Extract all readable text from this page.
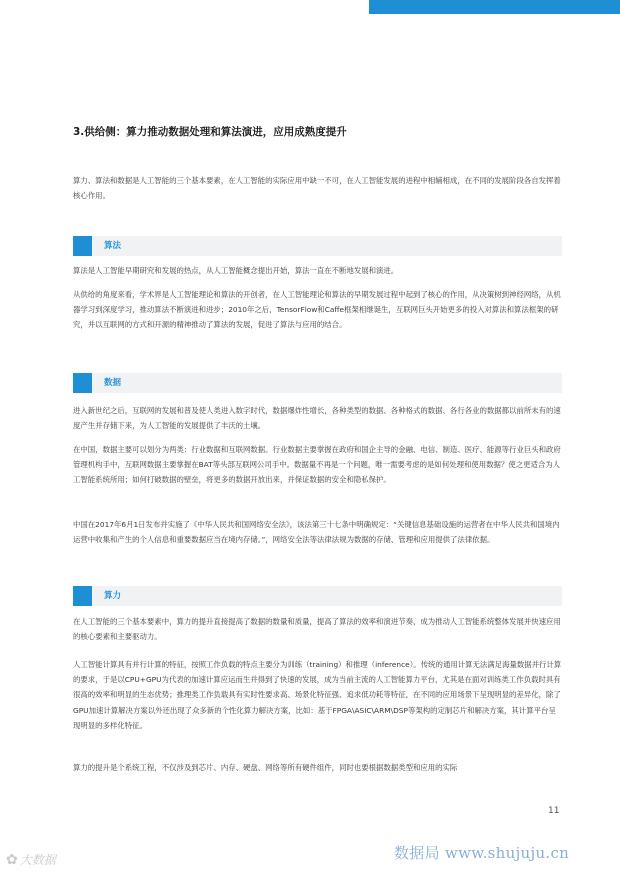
3.供给侧：算力推动数据处理和算法演进，应用成熟度提升

算力、算法和数据是人工智能的三个基本要素，在人工智能的实际应用中缺一不可，在人工智能发展的进程中相辅相成，在不同的发展阶段各自发挥着核心作用。

算法

算法是人工智能早期研究和发展的热点，从人工智能概念提出开始，算法一直在不断地发展和演进。

从供给的角度来看，学术界是人工智能理论和算法的开创者，在人工智能理论和算法的早期发展过程中起到了核心的作用，从决策树到神经网络，从机器学习到深度学习，推动算法不断演进和进步；2010年之后，TensorFlow和Caffe框架相继诞生，互联网巨头开始更多的投入对算法和算法框架的研究，并以互联网的方式和开源的精神推动了算法的发展，促进了算法与应用的结合。

数据

进入新世纪之后，互联网的发展和普及使人类进入数字时代，数据爆炸性增长，各种类型的数据、各种格式的数据、各行各业的数据都以前所未有的速度产生并存储下来，为人工智能的发展提供了丰沃的土壤。

在中国，数据主要可以划分为两类：行业数据和互联网数据。行业数据主要掌握在政府和国企主导的金融、电信、制造、医疗、能源等行业巨头和政府管理机构手中，互联网数据主要掌握在BAT等头部互联网公司手中。数据量不再是一个问题，唯一需要考虑的是如何处理和使用数据？使之更适合为人工智能系统所用；如何打破数据的壁垒，将更多的数据开放出来，并保证数据的安全和隐私保护。

中国在2017年6月1日发布并实施了《中华人民共和国网络安全法》，该法第三十七条中明确规定：“关键信息基础设施的运营者在中华人民共和国境内运营中收集和产生的个人信息和重要数据应当在境内存储。”，网络安全法等法律法规为数据的存储、管理和应用提供了法律依据。

算力

在人工智能的三个基本要素中，算力的提升直接提高了数据的数量和质量，提高了算法的效率和演进节奏，成为推动人工智能系统整体发展并快速应用的核心要素和主要驱动力。

人工智能计算具有并行计算的特征，按照工作负载的特点主要分为训练（training）和推理（inference）。传统的通用计算无法满足海量数据并行计算的要求，于是以CPU+GPU为代表的加速计算应运而生并得到了快速的发展，成为当前主流的人工智能算力平台，尤其是在面对训练类工作负载时具有很高的效率和明显的生态优势；推理类工作负载具有实时性要求高、场景化特征强、追求低功耗等特征，在不同的应用场景下呈现明显的差异化，除了GPU加速计算解决方案以外还出现了众多新的个性化算力解决方案，比如：基于FPGA\ASIC\ARM\DSP等架构的定制芯片和解决方案，其计算平台呈现明显的多样化特征。

算力的提升是个系统工程，不仅涉及到芯片、内存、硬盘、网络等所有硬件组件，同时也要根据数据类型和应用的实际

11
✿ 大数据	数据局 www.shujuju.cn
